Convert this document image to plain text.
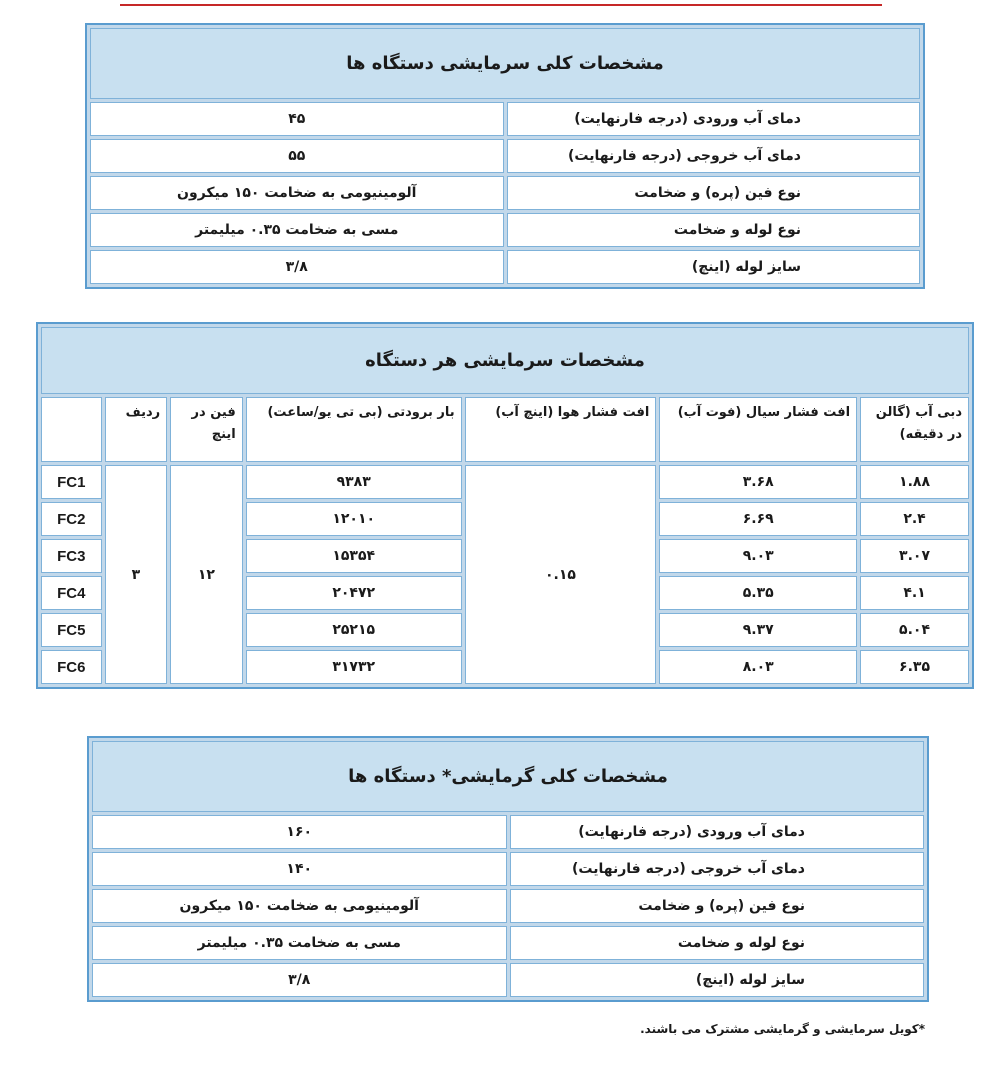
مشخصات کلی سرمایشی دستگاه ها	
دمای آب ورودی (درجه فارنهایت)	۴۵
دمای آب خروجی (درجه فارنهایت)	۵۵
نوع فین (پره) و ضخامت	آلومینیومی به ضخامت ۱۵۰ میکرون
نوع لوله و ضخامت	مسی به ضخامت ۰.۳۵ میلیمتر
سایز لوله (اینچ)	۳/۸
مشخصات سرمایشی هر دستگاه						
دبی آب (گالن در دقیقه)	افت فشار سیال (فوت آب)	افت فشار هوا (اینچ آب)	بار برودتی (بی تی یو/ساعت)	فین در اینچ	ردیف	
۱.۸۸	۳.۶۸	۰.۱۵	۹۳۸۳	۱۲	۳	FC1
۲.۴	۶.۶۹		۱۲۰۱۰			FC2
۳.۰۷	۹.۰۳		۱۵۳۵۴			FC3
۴.۱	۵.۳۵		۲۰۴۷۲			FC4
۵.۰۴	۹.۳۷		۲۵۲۱۵			FC5
۶.۳۵	۸.۰۳		۳۱۷۳۲			FC6
مشخصات کلی گرمایشی* دستگاه ها	
دمای آب ورودی (درجه فارنهایت)	۱۶۰
دمای آب خروجی (درجه فارنهایت)	۱۴۰
نوع فین (پره) و ضخامت	آلومینیومی به ضخامت ۱۵۰ میکرون
نوع لوله و ضخامت	مسی به ضخامت ۰.۳۵ میلیمتر
سایز لوله (اینچ)	۳/۸
*کویل سرمایشی و گرمایشی مشترک می باشند.
